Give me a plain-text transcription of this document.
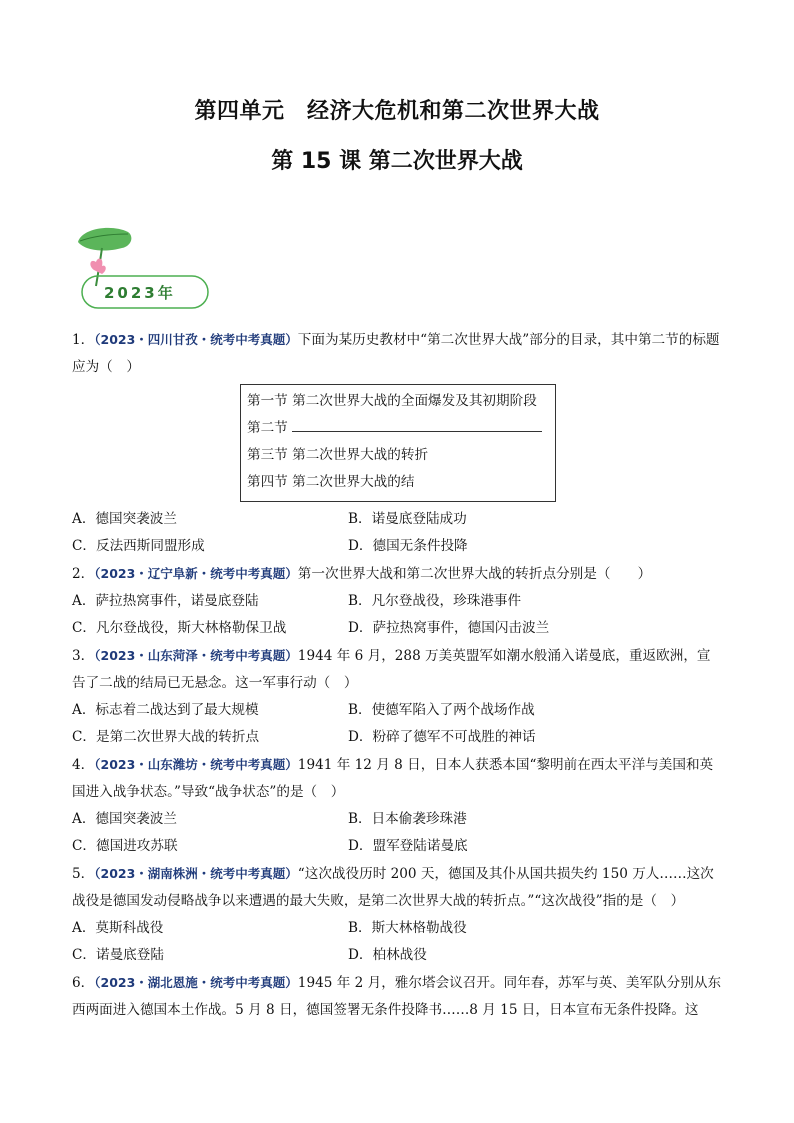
第四单元　经济大危机和第二次世界大战
第 15 课 第二次世界大战
2023年
1．（2023・四川甘孜・统考中考真题）下面为某历史教材中“第二次世界大战”部分的目录，其中第二节的标题应为（　）
第一节 第二次世界大战的全面爆发及其初期阶段
第二节
第三节 第二次世界大战的转折
第四节 第二次世界大战的结
A．德国突袭波兰	B．诺曼底登陆成功
C．反法西斯同盟形成	D．德国无条件投降
2．（2023・辽宁阜新・统考中考真题）第一次世界大战和第二次世界大战的转折点分别是（　　）
A．萨拉热窝事件，诺曼底登陆	B．凡尔登战役，珍珠港事件
C．凡尔登战役，斯大林格勒保卫战	D．萨拉热窝事件，德国闪击波兰
3．（2023・山东菏泽・统考中考真题）1944 年 6 月，288 万美英盟军如潮水般涌入诺曼底，重返欧洲，宣告了二战的结局已无悬念。这一军事行动（　）
A．标志着二战达到了最大规模	B．使德军陷入了两个战场作战
C．是第二次世界大战的转折点	D．粉碎了德军不可战胜的神话
4．（2023・山东潍坊・统考中考真题）1941 年 12 月 8 日，日本人获悉本国“黎明前在西太平洋与美国和英国进入战争状态。”导致“战争状态”的是（　）
A．德国突袭波兰	B．日本偷袭珍珠港
C．德国进攻苏联	D．盟军登陆诺曼底
5．（2023・湖南株洲・统考中考真题）“这次战役历时 200 天，德国及其仆从国共损失约 150 万人……这次战役是德国发动侵略战争以来遭遇的最大失败，是第二次世界大战的转折点。”“这次战役”指的是（　）
A．莫斯科战役	B．斯大林格勒战役
C．诺曼底登陆	D．柏林战役
6．（2023・湖北恩施・统考中考真题）1945 年 2 月，雅尔塔会议召开。同年春，苏军与英、美军队分别从东西两面进入德国本土作战。5 月 8 日，德国签署无条件投降书……8 月 15 日，日本宣布无条件投降。这
